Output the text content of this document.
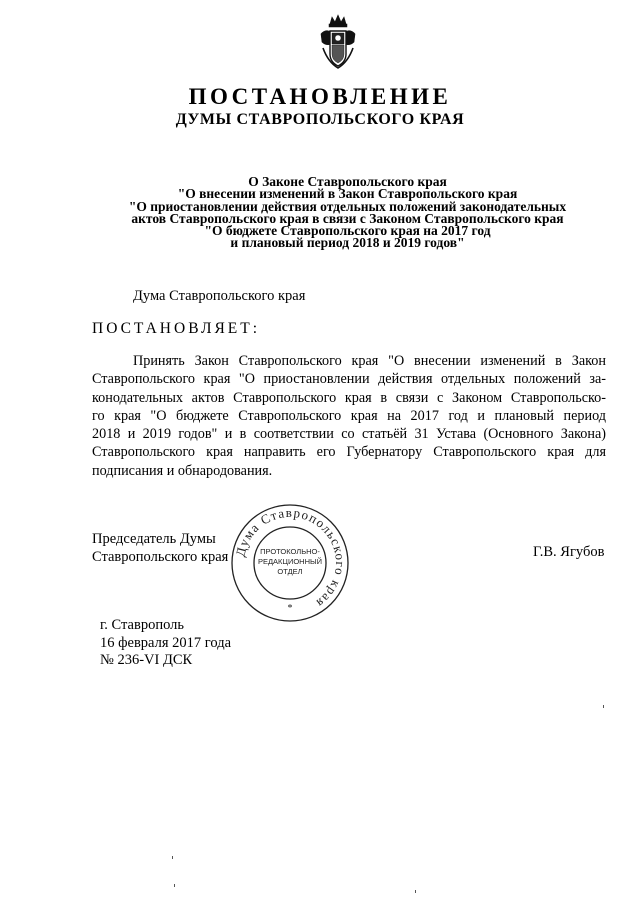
ПОСТАНОВЛЕНИЕ
ДУМЫ СТАВРОПОЛЬСКОГО КРАЯ
О Законе Ставропольского края
"О внесении изменений в Закон Ставропольского края
"О приостановлении действия отдельных положений законодательных
актов Ставропольского края в связи с Законом Ставропольского края
"О бюджете Ставропольского края на 2017 год
и плановый период 2018 и 2019 годов"
Дума Ставропольского края
ПОСТАНОВЛЯЕТ:
Принять Закон Ставропольского края "О внесении изменений в Закон
Ставропольского края "О приостановлении действия отдельных положений за-
конодательных актов Ставропольского края в связи с Законом Ставропольско-
го края "О бюджете Ставропольского края на 2017 год и плановый период
2018 и 2019 годов" и в соответствии со статьёй 31 Устава (Основного Закона)
Ставропольского края направить его Губернатору Ставропольского края для
подписания и обнародования.
Председатель Думы
Ставропольского края	Г.В. Ягубов
Дума Ставропольского края
ПРОТОКОЛЬНО-
РЕДАКЦИОННЫЙ
ОТДЕЛ
*
г. Ставрополь
16 февраля 2017 года
№ 236-VI ДСК
